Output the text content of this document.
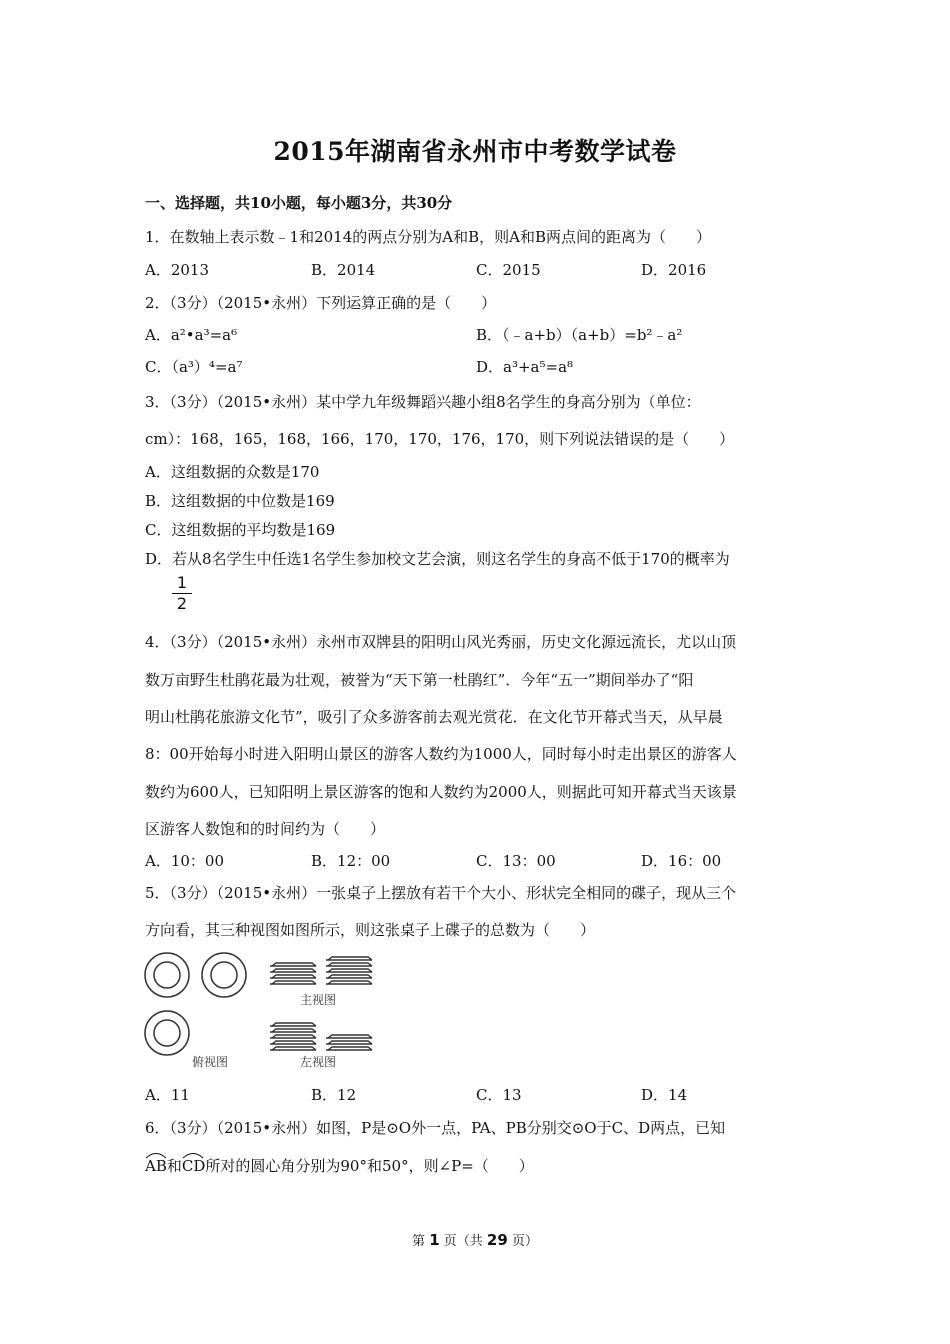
2015年湖南省永州市中考数学试卷
一、选择题，共10小题，每小题3分，共30分
1．在数轴上表示数﹣1和2014的两点分别为A和B，则A和B两点间的距离为（　　）
A．2013	B．2014	C．2015	D．2016
2．（3分）（2015•永州）下列运算正确的是（　　）
A．a²•a³=a⁶	B．（﹣a+b）（a+b）=b²﹣a²
C．（a³）⁴=a⁷	D．a³+a⁵=a⁸
3．（3分）（2015•永州）某中学九年级舞蹈兴趣小组8名学生的身高分别为（单位：
cm）：168，165，168，166，170，170，176，170，则下列说法错误的是（　　）
A．这组数据的众数是170
B．这组数据的中位数是169
C．这组数据的平均数是169
D．若从8名学生中任选1名学生参加校文艺会演，则这名学生的身高不低于170的概率为
1
2
4．（3分）（2015•永州）永州市双牌县的阳明山风光秀丽，历史文化源远流长，尤以山顶
数万亩野生杜鹃花最为壮观，被誉为“天下第一杜鹃红”．今年“五一”期间举办了“阳
明山杜鹃花旅游文化节”，吸引了众多游客前去观光赏花．在文化节开幕式当天，从早晨
8：00开始每小时进入阳明山景区的游客人数约为1000人，同时每小时走出景区的游客人
数约为600人，已知阳明上景区游客的饱和人数约为2000人，则据此可知开幕式当天该景
区游客人数饱和的时间约为（　　）
A．10：00	B．12：00	C．13：00	D．16：00
5．（3分）（2015•永州）一张桌子上摆放有若干个大小、形状完全相同的碟子，现从三个
方向看，其三种视图如图所示，则这张桌子上碟子的总数为（　　）
主视图
俯视图	左视图
A．11	B．12	C．13	D．14
6．（3分）（2015•永州）如图，P是⊙O外一点，PA、PB分别交⊙O于C、D两点，已知
AB和
CD所对的圆心角分别为90°和50°，则∠P=（　　）
第 1 页（共 29 页）
